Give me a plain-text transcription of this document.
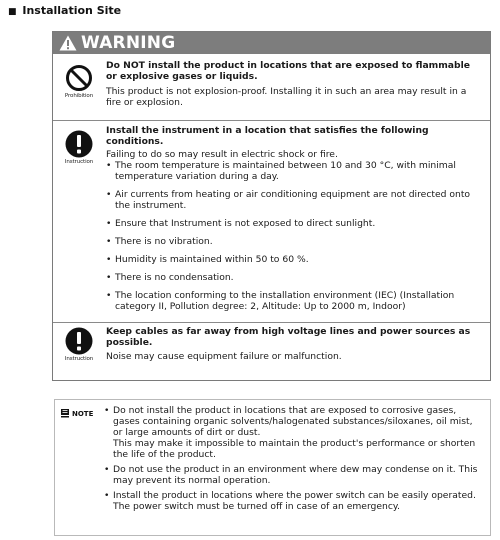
■ Installation Site
WARNING
Prohibition

Do NOT install the product in locations that are exposed to flammable or explosive gases or liquids.

This product is not explosion-proof. Installing it in such an area may result in a fire or explosion.

Instruction

Install the instrument in a location that satisfies the following conditions.

Failing to do so may result in electric shock or fire.

• The room temperature is maintained between 10 and 30 °C, with minimal temperature variation during a day.
• Air currents from heating or air conditioning equipment are not directed onto the instrument.
• Ensure that Instrument is not exposed to direct sunlight.
• There is no vibration.
• Humidity is maintained within 50 to 60 %.
• There is no condensation.
• The location conforming to the installation environment (IEC) (Installation category II, Pollution degree: 2, Altitude: Up to 2000 m, Indoor)
Instruction

Keep cables as far away from high voltage lines and power sources as possible.

Noise may cause equipment failure or malfunction.

NOTE
•	Do not install the product in locations that are exposed to corrosive gases, gases containing organic solvents/halogenated substances/siloxanes, oil mist, or large amounts of dirt or dust.
This may make it impossible to maintain the product's performance or shorten the life of the product.
• Do not use the product in an environment where dew may condense on it. This may prevent its normal operation.
• Install the product in locations where the power switch can be easily operated. The power switch must be turned off in case of an emergency.
